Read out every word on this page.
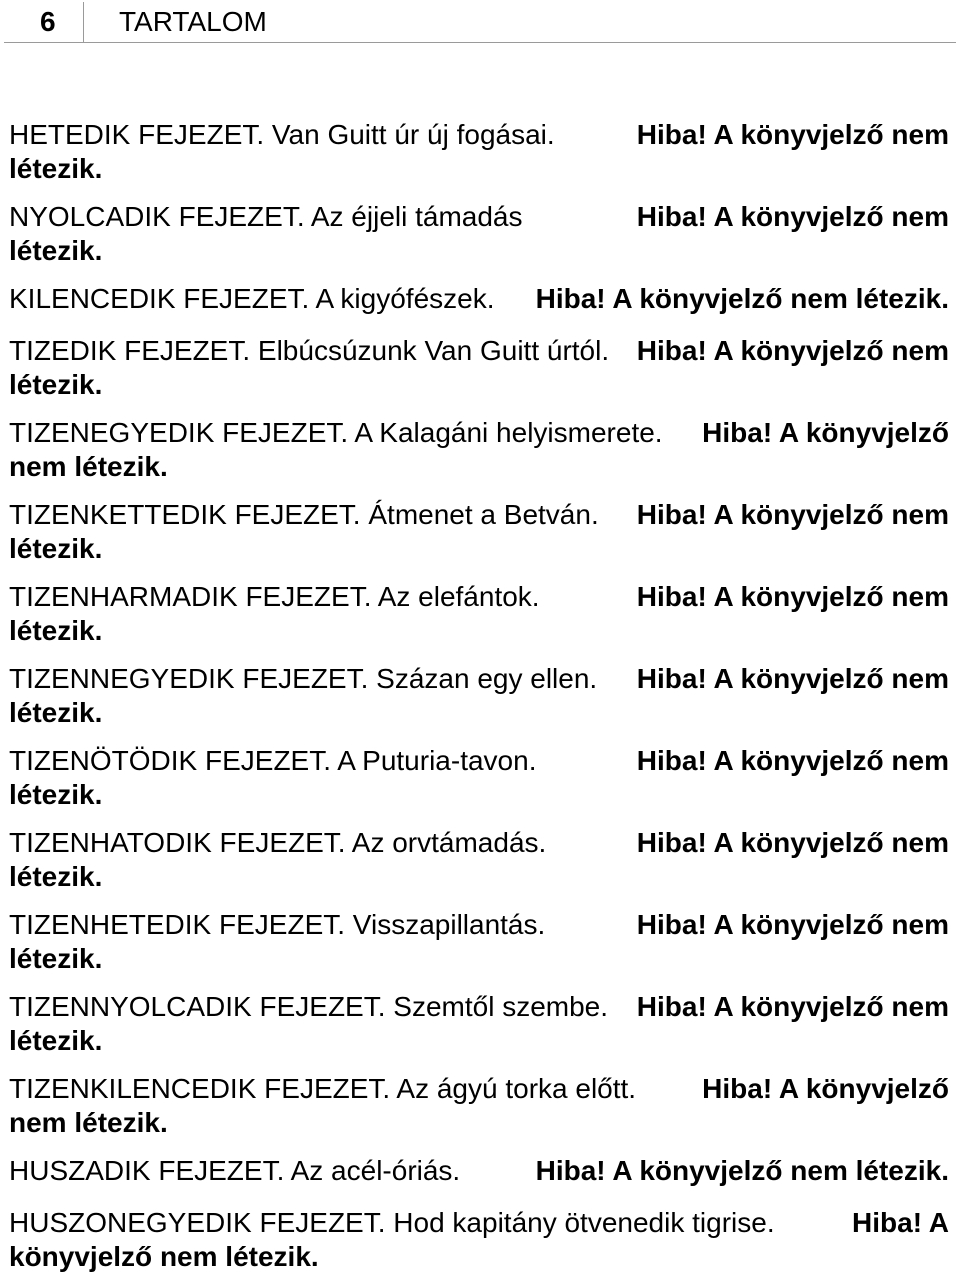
6 TARTALOM
HETEDIK FEJEZET. Van Guitt úr új fogásai.	Hiba! A könyvjelző nem
létezik.
NYOLCADIK FEJEZET. Az éjjeli támadás	Hiba! A könyvjelző nem
létezik.
KILENCEDIK FEJEZET. A kigyófészek. Hiba! A könyvjelző nem létezik.
TIZEDIK FEJEZET. Elbúcsúzunk Van Guitt úrtól. Hiba! A könyvjelző nem
létezik.
TIZENEGYEDIK FEJEZET. A Kalagáni helyismerete. Hiba! A könyvjelző
nem létezik.
TIZENKETTEDIK FEJEZET. Átmenet a Betván. Hiba! A könyvjelző nem
létezik.
TIZENHARMADIK FEJEZET. Az elefántok.	Hiba! A könyvjelző nem
létezik.
TIZENNEGYEDIK FEJEZET. Százan egy ellen. Hiba! A könyvjelző nem
létezik.
TIZENÖTÖDIK FEJEZET. A Puturia-tavon.	Hiba! A könyvjelző nem
létezik.
TIZENHATODIK FEJEZET. Az orvtámadás.	Hiba! A könyvjelző nem
létezik.
TIZENHETEDIK FEJEZET. Visszapillantás.	Hiba! A könyvjelző nem
létezik.
TIZENNYOLCADIK FEJEZET. Szemtől szembe. Hiba! A könyvjelző nem
létezik.
TIZENKILENCEDIK FEJEZET. Az ágyú torka előtt. Hiba! A könyvjelző
nem létezik.
HUSZADIK FEJEZET. Az acél-óriás.	Hiba! A könyvjelző nem létezik.
HUSZONEGYEDIK FEJEZET. Hod kapitány ötvenedik tigrise.	Hiba! A
könyvjelző nem létezik.
